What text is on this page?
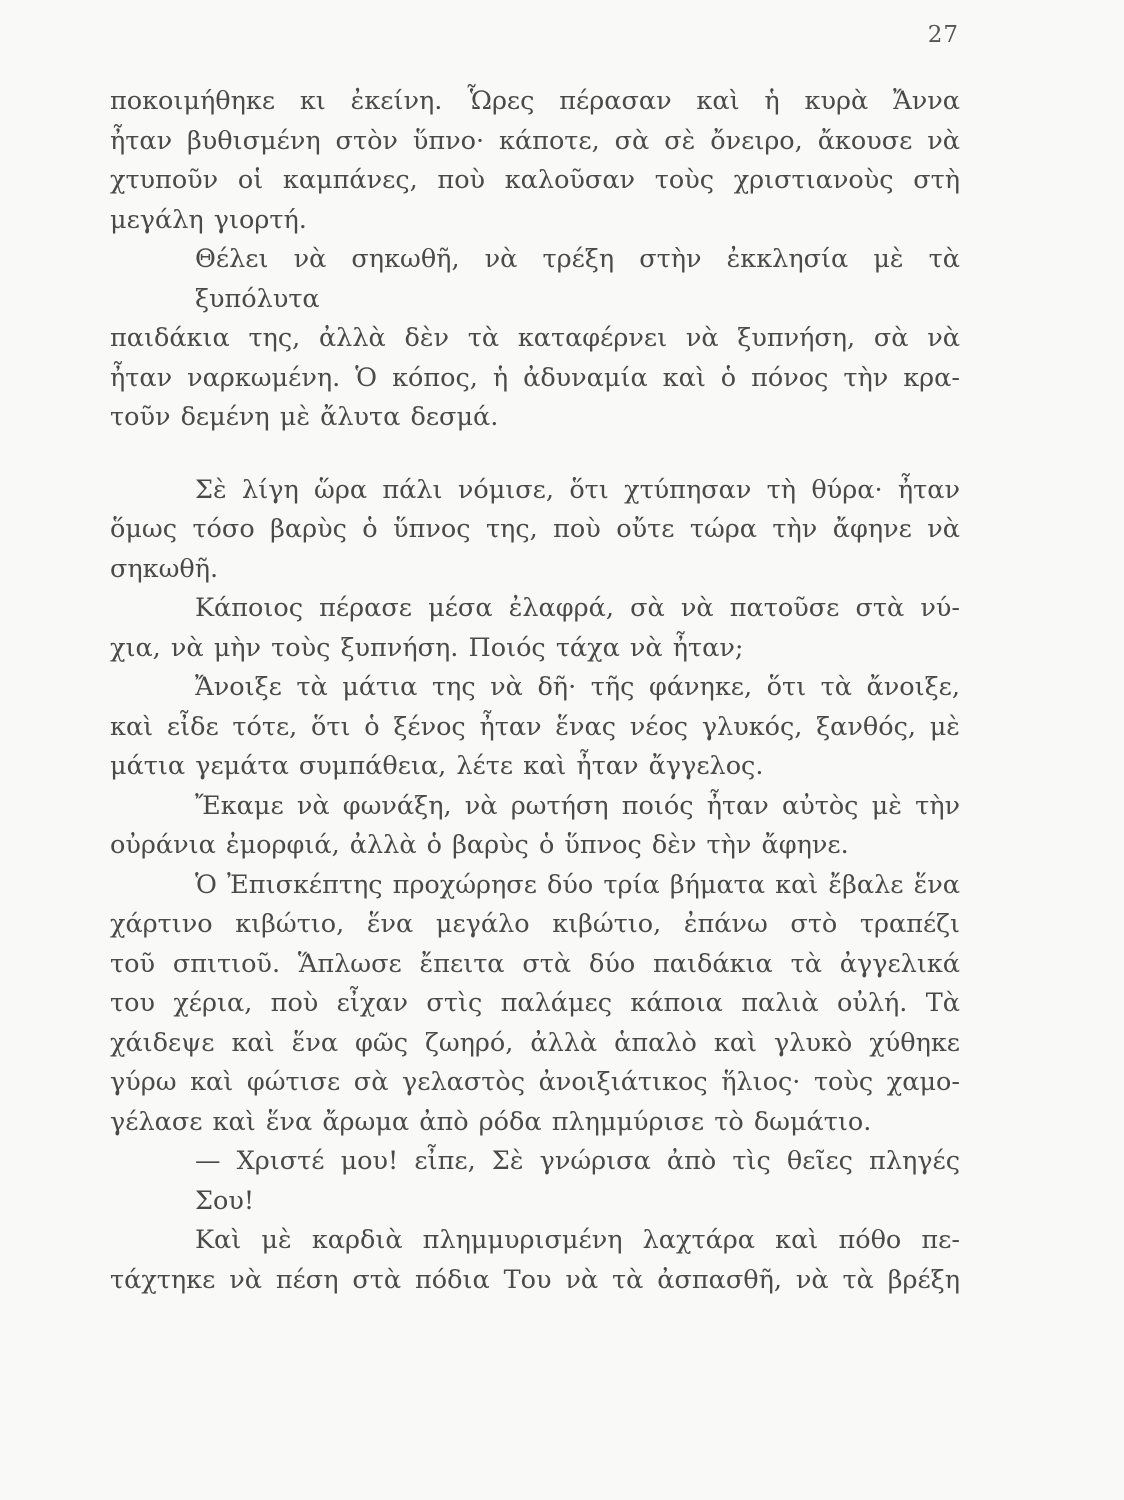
27

ποκοιμήθηκε κι ἐκείνη. Ὧρες πέρασαν καὶ ἡ κυρὰ Ἄννα
ἦταν βυθισμένη στὸν ὕπνο· κάποτε, σὰ σὲ ὄνειρο, ἄκουσε νὰ
χτυποῦν οἱ καμπάνες, ποὺ καλοῦσαν τοὺς χριστιανοὺς στὴ
μεγάλη γιορτή.

Θέλει νὰ σηκωθῆ, νὰ τρέξη στὴν ἐκκλησία μὲ τὰ ξυπόλυτα
παιδάκια της, ἀλλὰ δὲν τὰ καταφέρνει νὰ ξυπνήση, σὰ νὰ
ἦταν ναρκωμένη. Ὁ κόπος, ἡ ἀδυναμία καὶ ὁ πόνος τὴν κρα-
τοῦν δεμένη μὲ ἄλυτα δεσμά.

Σὲ λίγη ὥρα πάλι νόμισε, ὅτι χτύπησαν τὴ θύρα· ἦταν
ὅμως τόσο βαρὺς ὁ ὕπνος της, ποὺ οὔτε τώρα τὴν ἄφηνε νὰ
σηκωθῆ.

Κάποιος πέρασε μέσα ἐλαφρά, σὰ νὰ πατοῦσε στὰ νύ-
χια, νὰ μὴν τοὺς ξυπνήση. Ποιός τάχα νὰ ἦταν;

Ἄνοιξε τὰ μάτια της νὰ δῆ· τῆς φάνηκε, ὅτι τὰ ἄνοιξε,
καὶ εἶδε τότε, ὅτι ὁ ξένος ἦταν ἕνας νέος γλυκός, ξανθός, μὲ
μάτια γεμάτα συμπάθεια, λέτε καὶ ἦταν ἄγγελος.

Ἔκαμε νὰ φωνάξη, νὰ ρωτήση ποιός ἦταν αὐτὸς μὲ τὴν
οὐράνια ἐμορφιά, ἀλλὰ ὁ βαρὺς ὁ ὕπνος δὲν τὴν ἄφηνε.

Ὁ Ἐπισκέπτης προχώρησε δύο τρία βήματα καὶ ἔβαλε ἕνα
χάρτινο κιβώτιο, ἕνα μεγάλο κιβώτιο, ἐπάνω στὸ τραπέζι
τοῦ σπιτιοῦ. Ἅπλωσε ἔπειτα στὰ δύο παιδάκια τὰ ἀγγελικά
του χέρια, ποὺ εἶχαν στὶς παλάμες κάποια παλιὰ οὐλή. Τὰ
χάιδεψε καὶ ἕνα φῶς ζωηρό, ἀλλὰ ἁπαλὸ καὶ γλυκὸ χύθηκε
γύρω καὶ φώτισε σὰ γελαστὸς ἀνοιξιάτικος ἥλιος· τοὺς χαμο-
γέλασε καὶ ἕνα ἄρωμα ἀπὸ ρόδα πλημμύρισε τὸ δωμάτιο.

— Χριστέ μου! εἶπε, Σὲ γνώρισα ἀπὸ τὶς θεῖες πληγές Σου!

Καὶ μὲ καρδιὰ πλημμυρισμένη λαχτάρα καὶ πόθο πε-
τάχτηκε νὰ πέση στὰ πόδια Του νὰ τὰ ἀσπασθῆ, νὰ τὰ βρέξη
